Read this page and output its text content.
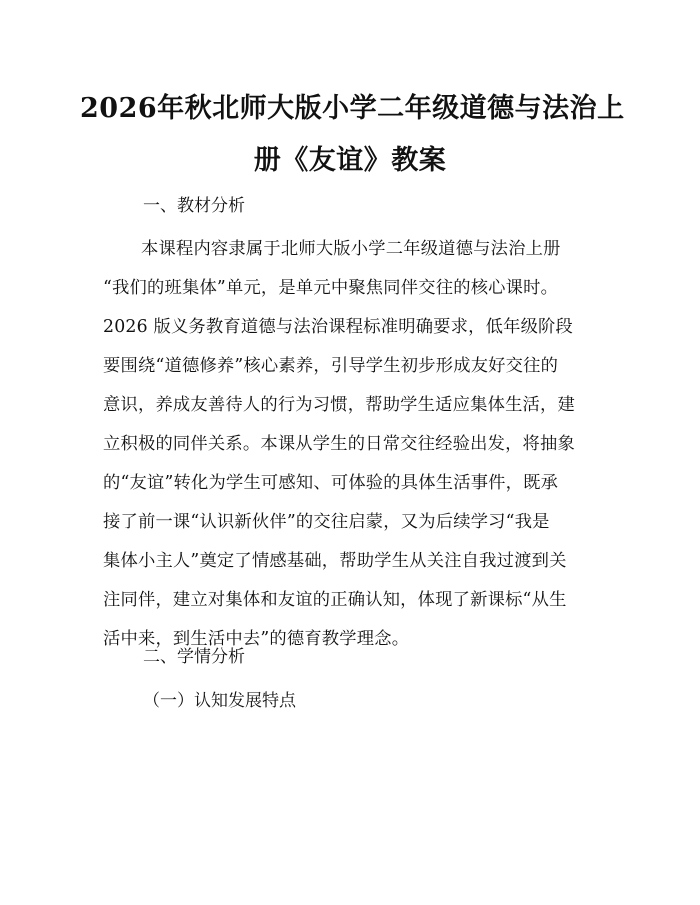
2026年秋北师大版小学二年级道德与法治上
册《友谊》教案
一、教材分析
本课程内容隶属于北师大版小学二年级道德与法治上册
“我们的班集体”单元，是单元中聚焦同伴交往的核心课时。
2026 版义务教育道德与法治课程标准明确要求，低年级阶段
要围绕“道德修养”核心素养，引导学生初步形成友好交往的
意识，养成友善待人的行为习惯，帮助学生适应集体生活，建
立积极的同伴关系。本课从学生的日常交往经验出发，将抽象
的“友谊”转化为学生可感知、可体验的具体生活事件，既承
接了前一课“认识新伙伴”的交往启蒙，又为后续学习“我是
集体小主人”奠定了情感基础，帮助学生从关注自我过渡到关
注同伴，建立对集体和友谊的正确认知，体现了新课标“从生
活中来，到生活中去”的德育教学理念。
二、学情分析
（一）认知发展特点
